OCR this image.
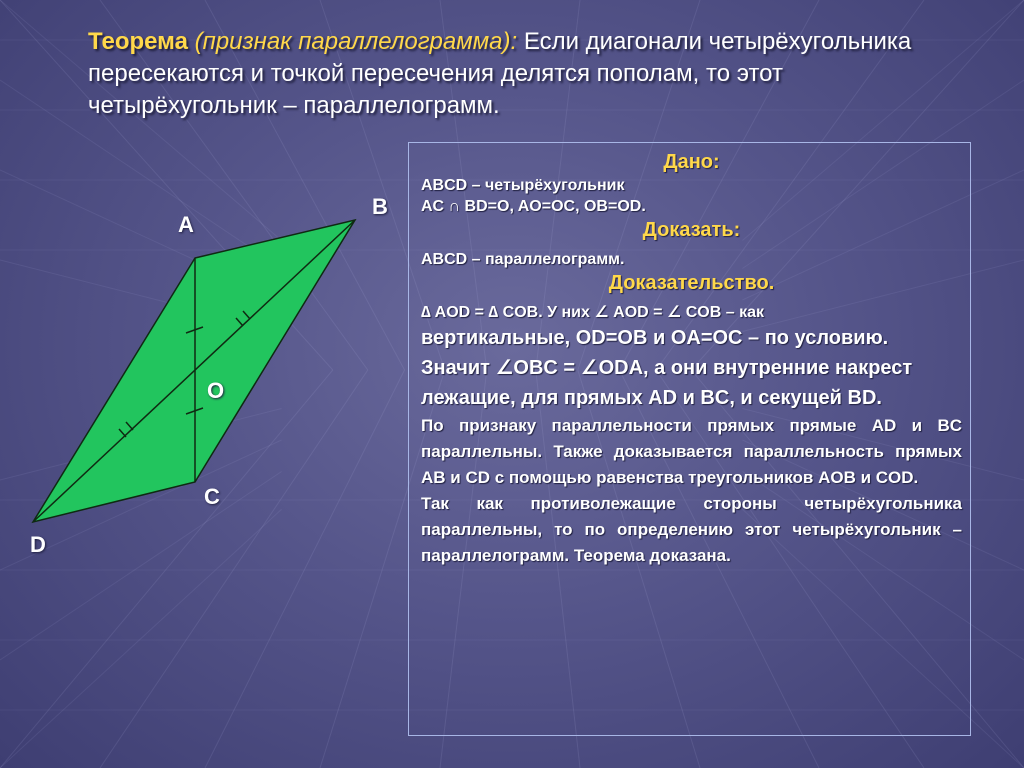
Теорема (признак параллелограмма): Если диагонали четырёхугольника пересекаются и точкой пересечения делятся пополам, то этот четырёхугольник – параллелограмм.
A
B
C
D
O
Дано:
ABCD – четырёхугольник
AC ∩ BD=O, AO=OC, OB=OD.
Доказать:
ABCD – параллелограмм.
Доказательство.
∆ AOD = ∆ COB. У них ∠ AOD = ∠ COB – как
вертикальные, OD=OB и OA=OC – по условию.
Значит ∠OBC = ∠ODA, а они внутренние накрест лежащие, для прямых AD и BC, и секущей BD.
По признаку параллельности прямых прямые AD и BC параллельны. Также доказывается параллельность прямых AB и CD с помощью равенства треугольников AOB и COD.
Так как противолежащие стороны четырёхугольника параллельны, то по определению этот четырёхугольник – параллелограмм. Теорема доказана.
